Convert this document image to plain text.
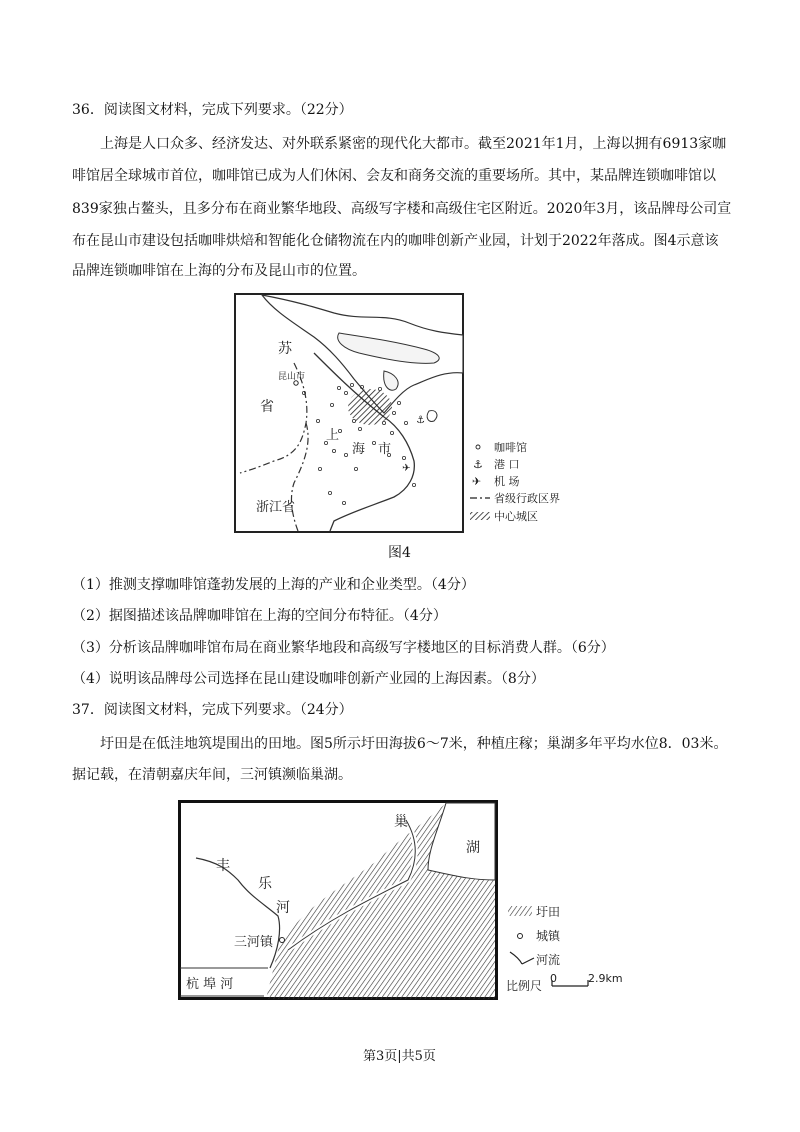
36．阅读图文材料，完成下列要求。（22分）
上海是人口众多、经济发达、对外联系紧密的现代化大都市。截至2021年1月，上海以拥有6913家咖
啡馆居全球城市首位，咖啡馆已成为人们休闲、会友和商务交流的重要场所。其中，某品牌连锁咖啡馆以
839家独占鳌头，且多分布在商业繁华地段、高级写字楼和高级住宅区附近。2020年3月，该品牌母公司宣
布在昆山市建设包括咖啡烘焙和智能化仓储物流在内的咖啡创新产业园，计划于2022年落成。图4示意该
品牌连锁咖啡馆在上海的分布及昆山市的位置。
昆山市
苏
省
上
海 市
浙江省
⚓
✈
咖啡馆
⚓ 港 口
✈ 机 场
省级行政区界
中心城区
图4
（1）推测支撑咖啡馆蓬勃发展的上海的产业和企业类型。（4分）
（2）据图描述该品牌咖啡馆在上海的空间分布特征。（4分）
（3）分析该品牌咖啡馆布局在商业繁华地段和高级写字楼地区的目标消费人群。（6分）
（4）说明该品牌母公司选择在昆山建设咖啡创新产业园的上海因素。（8分）
37．阅读图文材料，完成下列要求。（24分）
圩田是在低洼地筑堤围出的田地。图5所示圩田海拔6～7米，种植庄稼；巢湖多年平均水位8．03米。
据记载，在清朝嘉庆年间，三河镇濒临巢湖。
巢
湖
丰
乐
河
三河镇
杭 埠 河
圩田
城镇
河流
比例尺
0	2.9km
第3页|共5页
